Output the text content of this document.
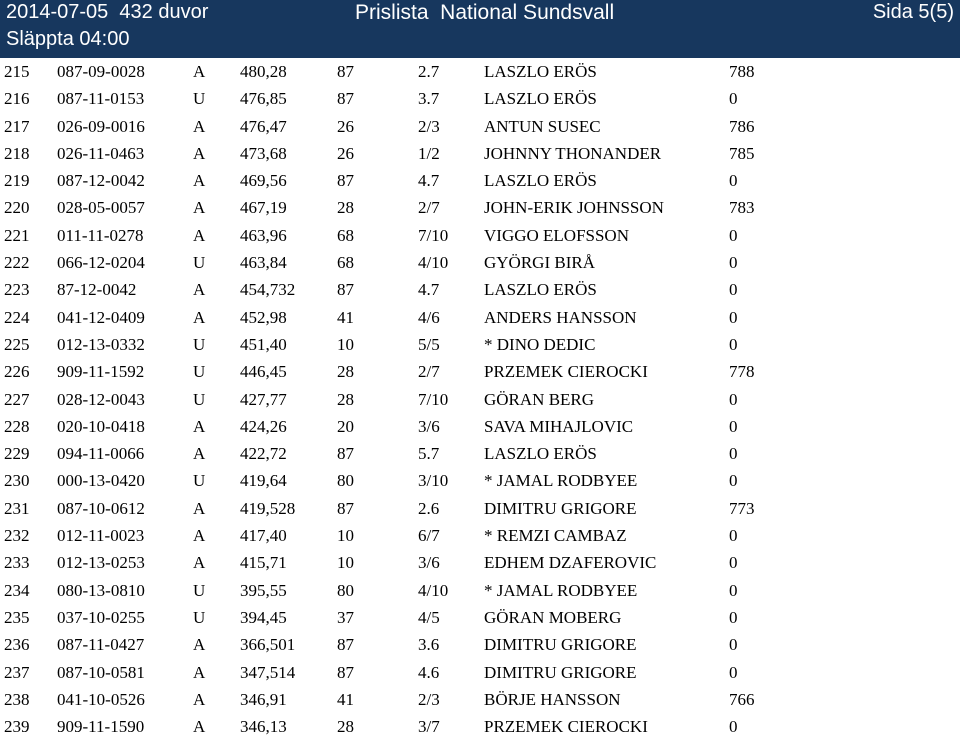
2014-07-05  432 duvor
Släppta 04:00
Prislista  National Sundsvall	Sida 5(5)
215 087-09-0028	A 480,28	87	2.7	LASZLO ERÖS	788
216 087-11-0153	U 476,85	87	3.7	LASZLO ERÖS	0
217 026-09-0016	A 476,47	26	2/3	ANTUN SUSEC	786
218 026-11-0463	A 473,68	26	1/2	JOHNNY THONANDER	785
219 087-12-0042	A 469,56	87	4.7	LASZLO ERÖS	0
220 028-05-0057	A 467,19	28	2/7	JOHN-ERIK JOHNSSON	783
221 011-11-0278	A 463,96	68	7/10 VIGGO ELOFSSON	0
222 066-12-0204	U 463,84	68	4/10 GYÖRGI BIRÅ	0
223 87-12-0042	A 454,732 87	4.7	LASZLO ERÖS	0
224 041-12-0409	A 452,98	41	4/6	ANDERS HANSSON	0
225 012-13-0332	U 451,40	10	5/5	* DINO DEDIC	0
226 909-11-1592	U 446,45	28	2/7	PRZEMEK CIEROCKI	778
227 028-12-0043	U 427,77	28	7/10 GÖRAN BERG	0
228 020-10-0418	A 424,26	20	3/6	SAVA MIHAJLOVIC	0
229 094-11-0066	A 422,72	87	5.7	LASZLO ERÖS	0
230 000-13-0420	U 419,64	80	3/10 * JAMAL RODBYEE	0
231 087-10-0612	A 419,528 87	2.6	DIMITRU GRIGORE	773
232 012-11-0023	A 417,40	10	6/7	* REMZI CAMBAZ	0
233 012-13-0253	A 415,71	10	3/6	EDHEM DZAFEROVIC	0
234 080-13-0810	U 395,55	80	4/10 * JAMAL RODBYEE	0
235 037-10-0255	U 394,45	37	4/5	GÖRAN MOBERG	0
236 087-11-0427	A 366,501 87	3.6	DIMITRU GRIGORE	0
237 087-10-0581	A 347,514 87	4.6	DIMITRU GRIGORE	0
238 041-10-0526	A 346,91	41	2/3	BÖRJE HANSSON	766
239 909-11-1590	A 346,13	28	3/7	PRZEMEK CIEROCKI	0
